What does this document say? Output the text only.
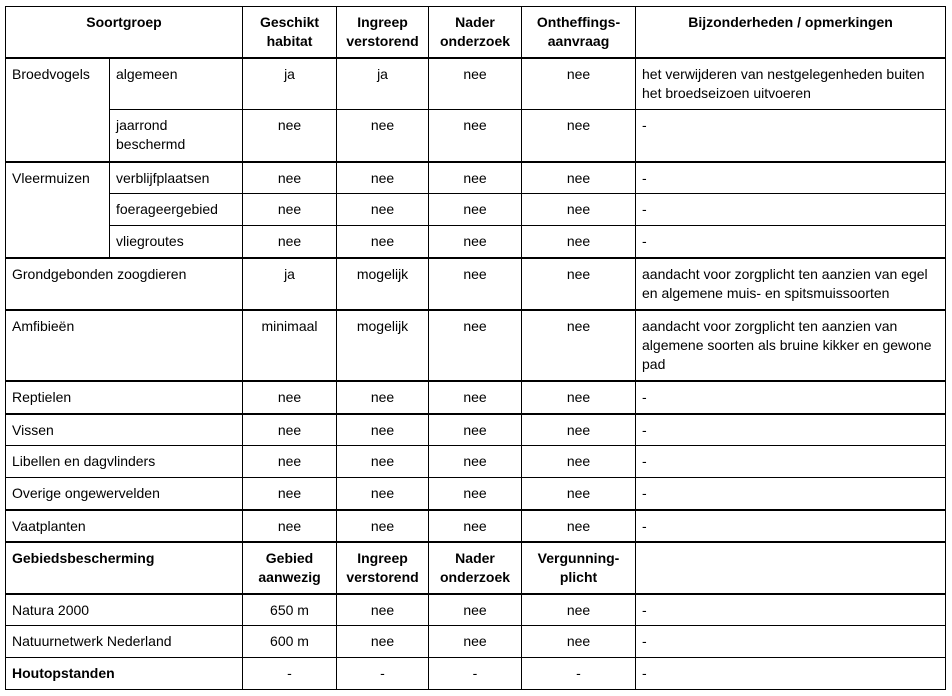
Soortgroep		Geschikt habitat	Ingreep verstorend	Nader onderzoek	Ontheffings-aanvraag	Bijzonderheden / opmerkingen
Broedvogels	algemeen	ja	ja	nee	nee	het verwijderen van nestgelegenheden buiten het broedseizoen uitvoeren
	jaarrond beschermd	nee	nee	nee	nee	-
Vleermuizen	verblijfplaatsen	nee	nee	nee	nee	-
	foerageergebied	nee	nee	nee	nee	-
	vliegroutes	nee	nee	nee	nee	-
Grondgebonden zoogdieren		ja	mogelijk	nee	nee	aandacht voor zorgplicht ten aanzien van egel en algemene muis- en spitsmuissoorten
Amfibieën		minimaal	mogelijk	nee	nee	aandacht voor zorgplicht ten aanzien van algemene soorten als bruine kikker en gewone pad
Reptielen		nee	nee	nee	nee	-
Vissen		nee	nee	nee	nee	-
Libellen en dagvlinders		nee	nee	nee	nee	-
Overige ongewervelden		nee	nee	nee	nee	-
Vaatplanten		nee	nee	nee	nee	-
Gebiedsbescherming		Gebied aanwezig	Ingreep verstorend	Nader onderzoek	Vergunning-plicht	
Natura 2000		650 m	nee	nee	nee	-
Natuurnetwerk Nederland		600 m	nee	nee	nee	-
Houtopstanden		-	-	-	-	-
